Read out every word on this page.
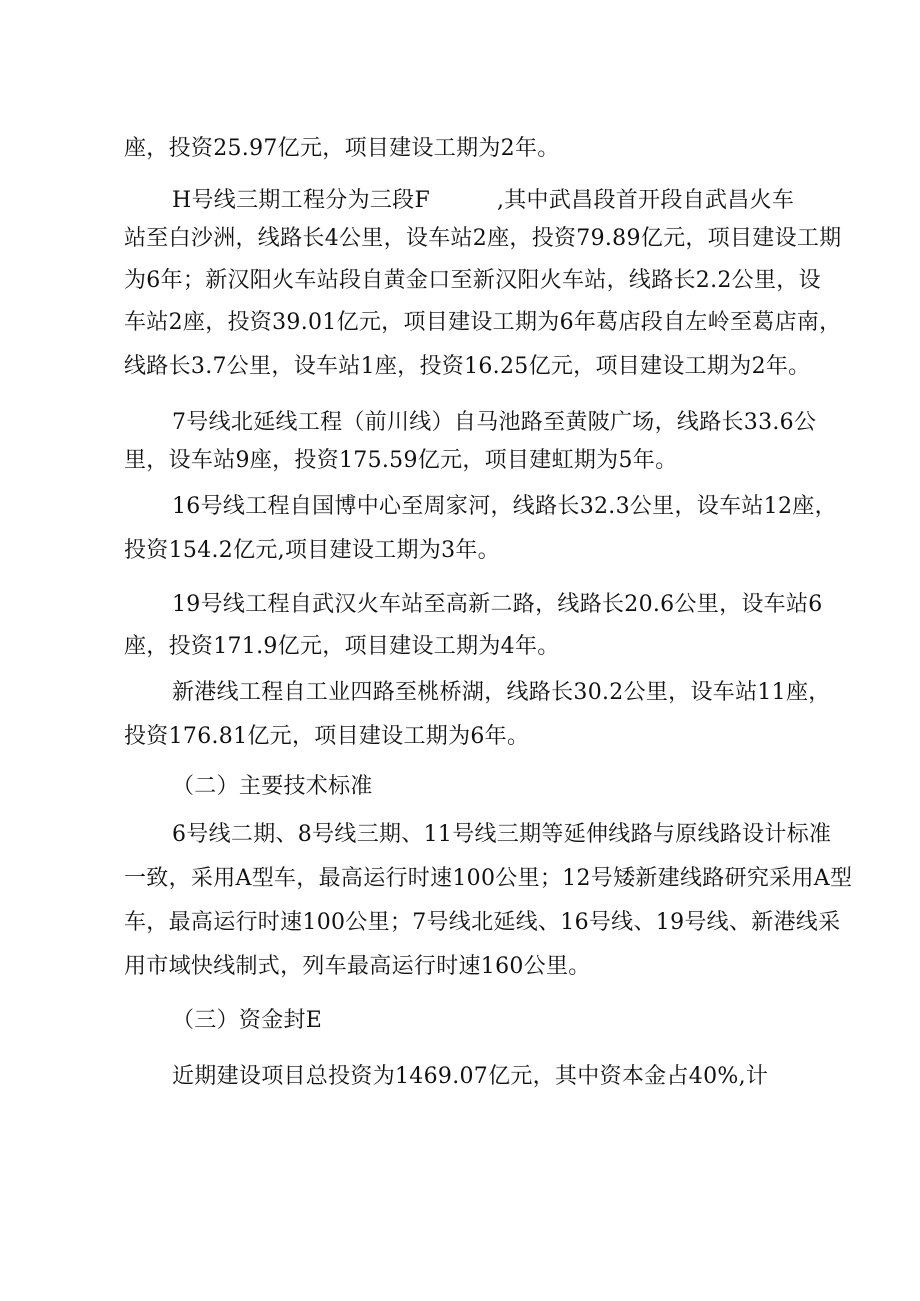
座，投资25.97亿元，项目建设工期为2年。
H号线三期工程分为三段F　　　,其中武昌段首开段自武昌火车
站至白沙洲，线路长4公里，设车站2座，投资79.89亿元，项目建设工期
为6年；新汉阳火车站段自黄金口至新汉阳火车站，线路长2.2公里，设
车站2座，投资39.01亿元，项目建设工期为6年葛店段自左岭至葛店南，
线路长3.7公里，设车站1座，投资16.25亿元，项目建设工期为2年。
7号线北延线工程（前川线）自马池路至黄陂广场，线路长33.6公
里，设车站9座，投资175.59亿元，项目建虹期为5年。
16号线工程自国博中心至周家河，线路长32.3公里，设车站12座，
投资154.2亿元,项目建设工期为3年。
19号线工程自武汉火车站至高新二路，线路长20.6公里，设车站6
座，投资171.9亿元，项目建设工期为4年。
新港线工程自工业四路至桃桥湖，线路长30.2公里，设车站11座，
投资176.81亿元，项目建设工期为6年。
（二）主要技术标准
6号线二期、8号线三期、11号线三期等延伸线路与原线路设计标准
一致，采用A型车，最高运行时速100公里；12号矮新建线路研究采用A型
车，最高运行时速100公里；7号线北延线、16号线、19号线、新港线采
用市域快线制式，列车最高运行时速160公里。
（三）资金封E
近期建设项目总投资为1469.07亿元，其中资本金占40%,计
